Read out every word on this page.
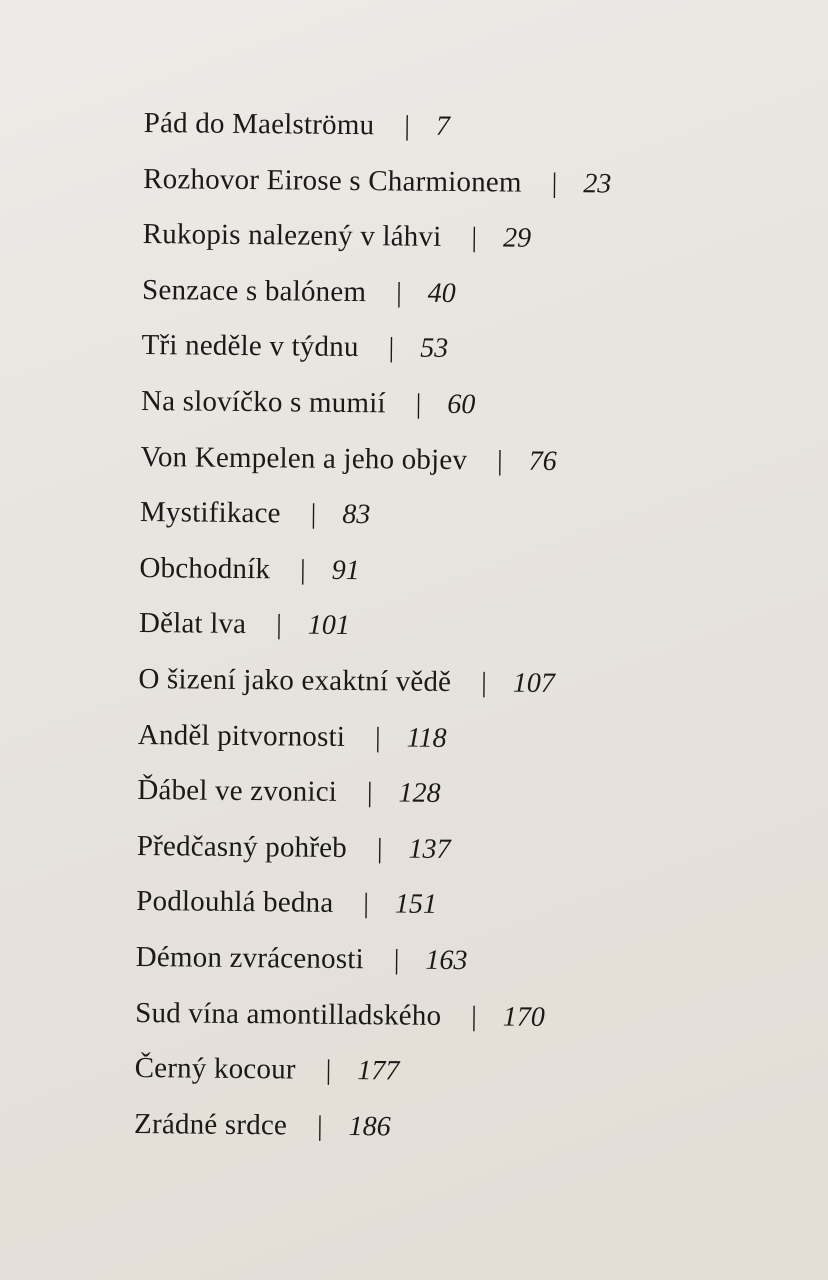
Pád do Maelströmu | 7
Rozhovor Eirose s Charmionem | 23
Rukopis nalezený v láhvi | 29
Senzace s balónem | 40
Tři neděle v týdnu | 53
Na slovíčko s mumií | 60
Von Kempelen a jeho objev | 76
Mystifikace | 83
Obchodník | 91
Dělat lva | 101
O šizení jako exaktní vědě | 107
Anděl pitvornosti | 118
Ďábel ve zvonici | 128
Předčasný pohřeb | 137
Podlouhlá bedna | 151
Démon zvrácenosti | 163
Sud vína amontilladského | 170
Černý kocour | 177
Zrádné srdce | 186
